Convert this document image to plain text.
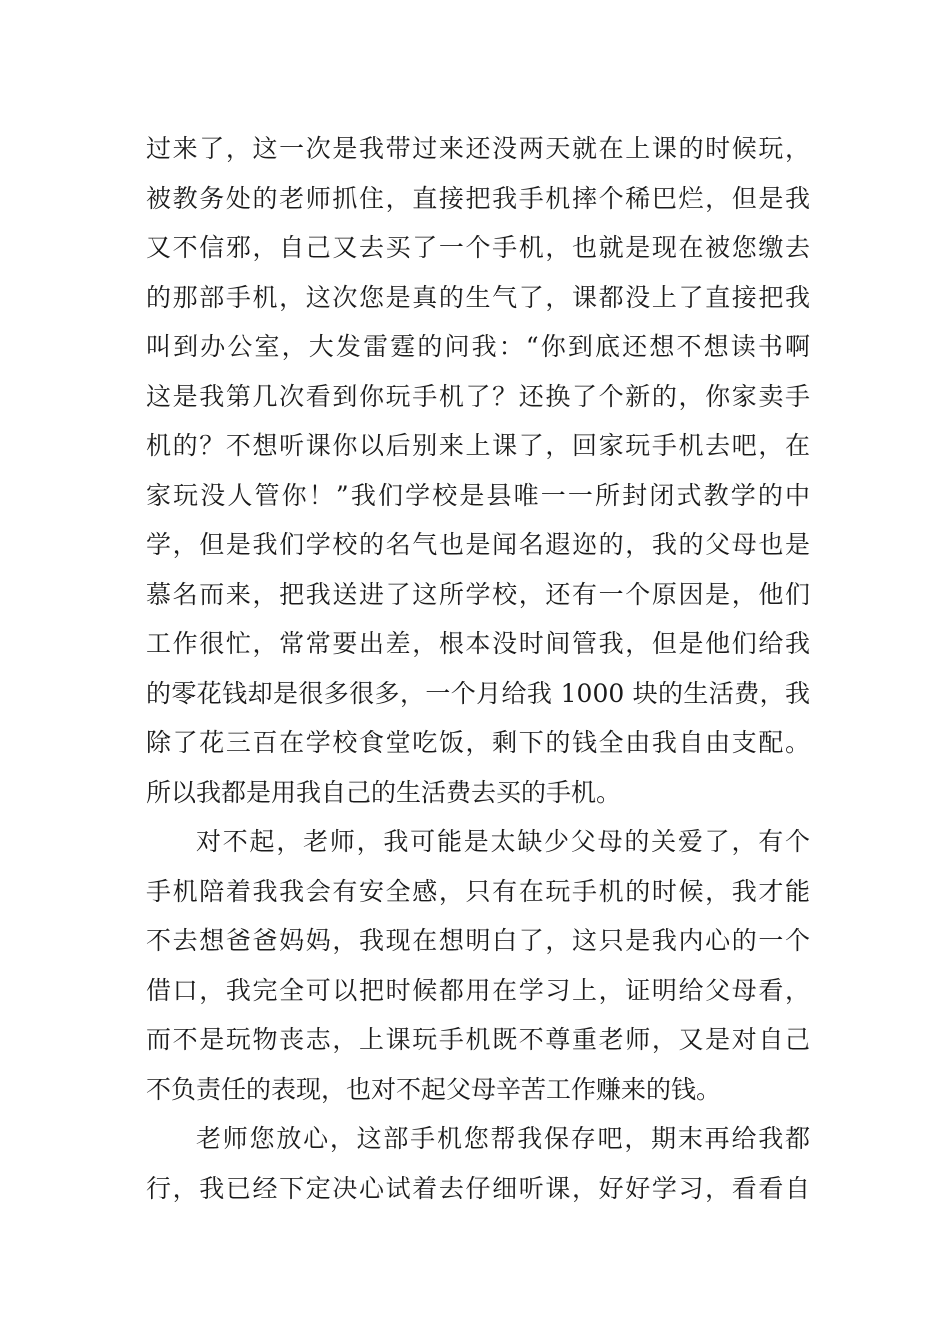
过来了，这一次是我带过来还没两天就在上课的时候玩，
被教务处的老师抓住，直接把我手机摔个稀巴烂，但是我
又不信邪，自己又去买了一个手机，也就是现在被您缴去
的那部手机，这次您是真的生气了，课都没上了直接把我
叫到办公室，大发雷霆的问我：“你到底还想不想读书啊
这是我第几次看到你玩手机了？还换了个新的，你家卖手
机的？不想听课你以后别来上课了，回家玩手机去吧，在
家玩没人管你！”我们学校是县唯一一所封闭式教学的中
学，但是我们学校的名气也是闻名遐迩的，我的父母也是
慕名而来，把我送进了这所学校，还有一个原因是，他们
工作很忙，常常要出差，根本没时间管我，但是他们给我
的零花钱却是很多很多，一个月给我 1000 块的生活费，我
除了花三百在学校食堂吃饭，剩下的钱全由我自由支配。
所以我都是用我自己的生活费去买的手机。
对不起，老师，我可能是太缺少父母的关爱了，有个
手机陪着我我会有安全感，只有在玩手机的时候，我才能
不去想爸爸妈妈，我现在想明白了，这只是我内心的一个
借口，我完全可以把时候都用在学习上，证明给父母看，
而不是玩物丧志，上课玩手机既不尊重老师，又是对自己
不负责任的表现，也对不起父母辛苦工作赚来的钱。
老师您放心，这部手机您帮我保存吧，期末再给我都
行，我已经下定决心试着去仔细听课，好好学习，看看自
